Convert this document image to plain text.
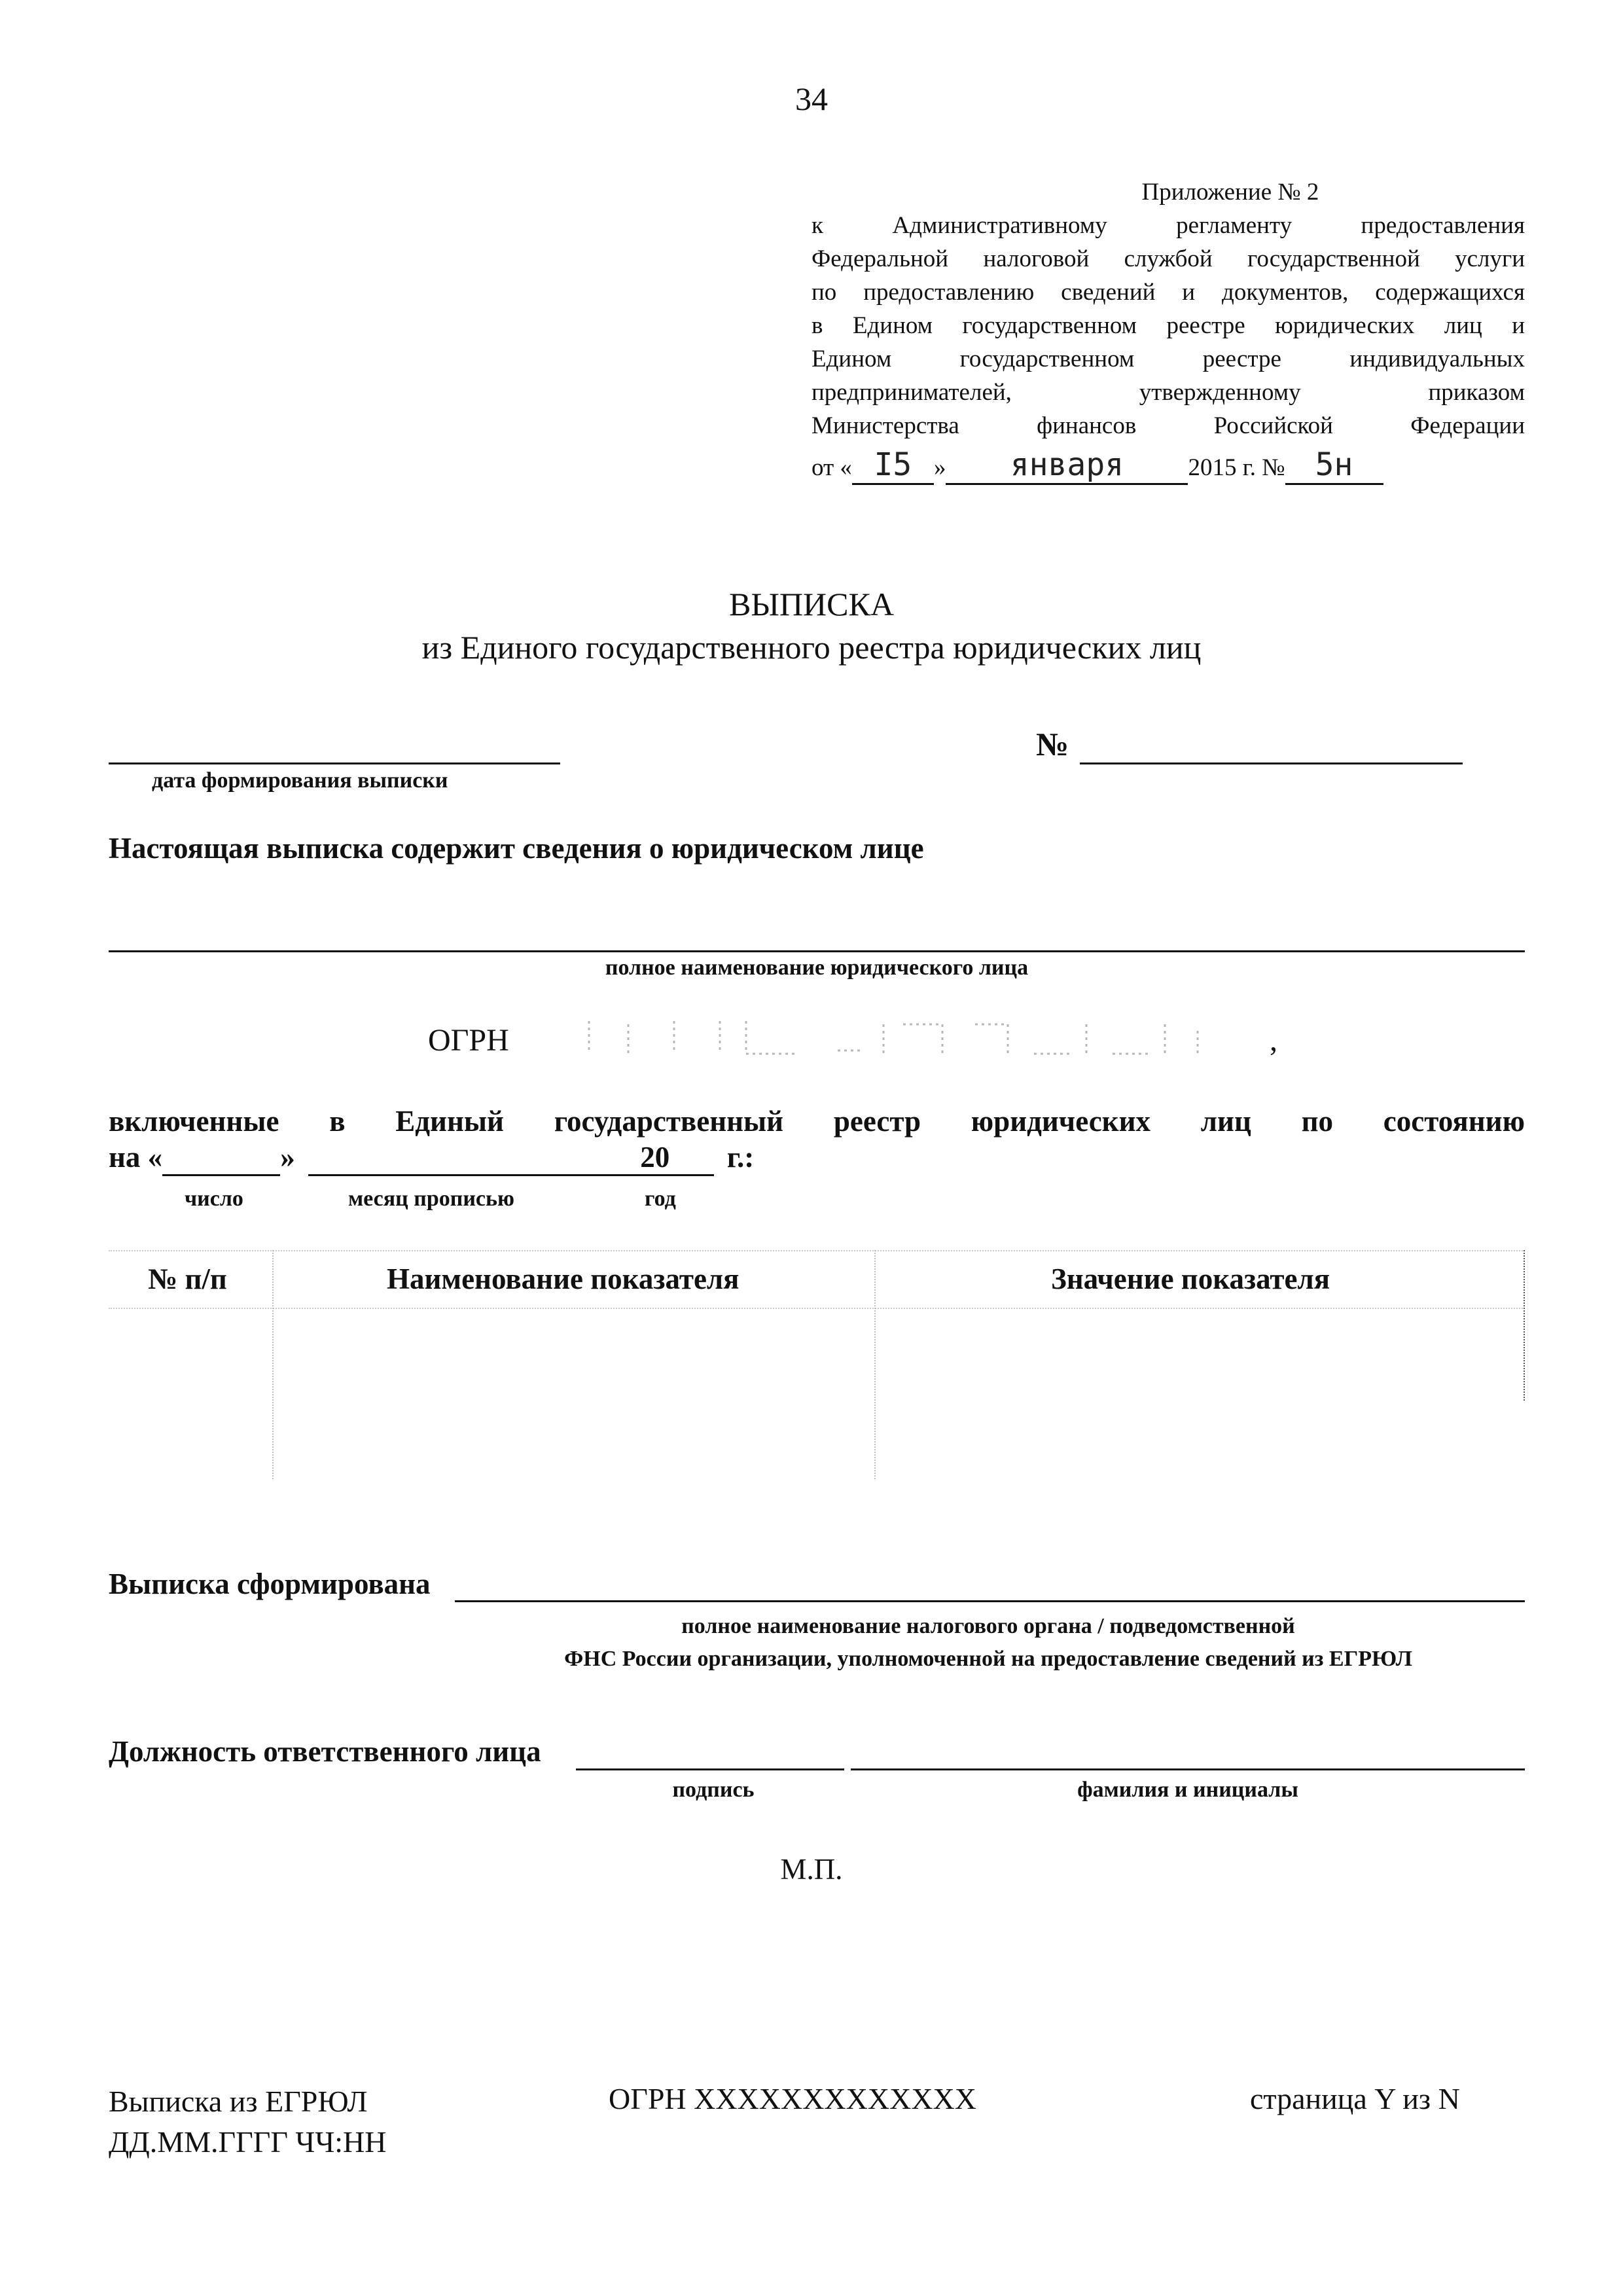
34
Приложение № 2
к Административному регламенту предоставления
Федеральной налоговой службой государственной услуги
по предоставлению сведений и документов, содержащихся
в Едином государственном реестре юридических лиц и
Едином государственном реестре индивидуальных
предпринимателей, утвержденному приказом
Министерства финансов Российской Федерации
от « I5 » января	2015 г. № 5н
ВЫПИСКА
из Единого государственного реестра юридических лиц
дата формирования выписки
№
Настоящая выписка содержит сведения о юридическом лице
полное наименование юридического лица
ОГРН	,
включенные в Единый государственный реестр юридических лиц по состоянию
на «	»	20 г.:
число	месяц прописью	год
№ п/п	Наименование показателя	Значение показателя
Выписка сформирована
полное наименование налогового органа / подведомственной
ФНС России организации, уполномоченной на предоставление сведений из ЕГРЮЛ
Должность ответственного лица
подпись	фамилия и инициалы
М.П.
Выписка из ЕГРЮЛ
ДД.ММ.ГГГГ ЧЧ:НН
ОГРН XXXXXXXXXXXXX	страница Y из N
